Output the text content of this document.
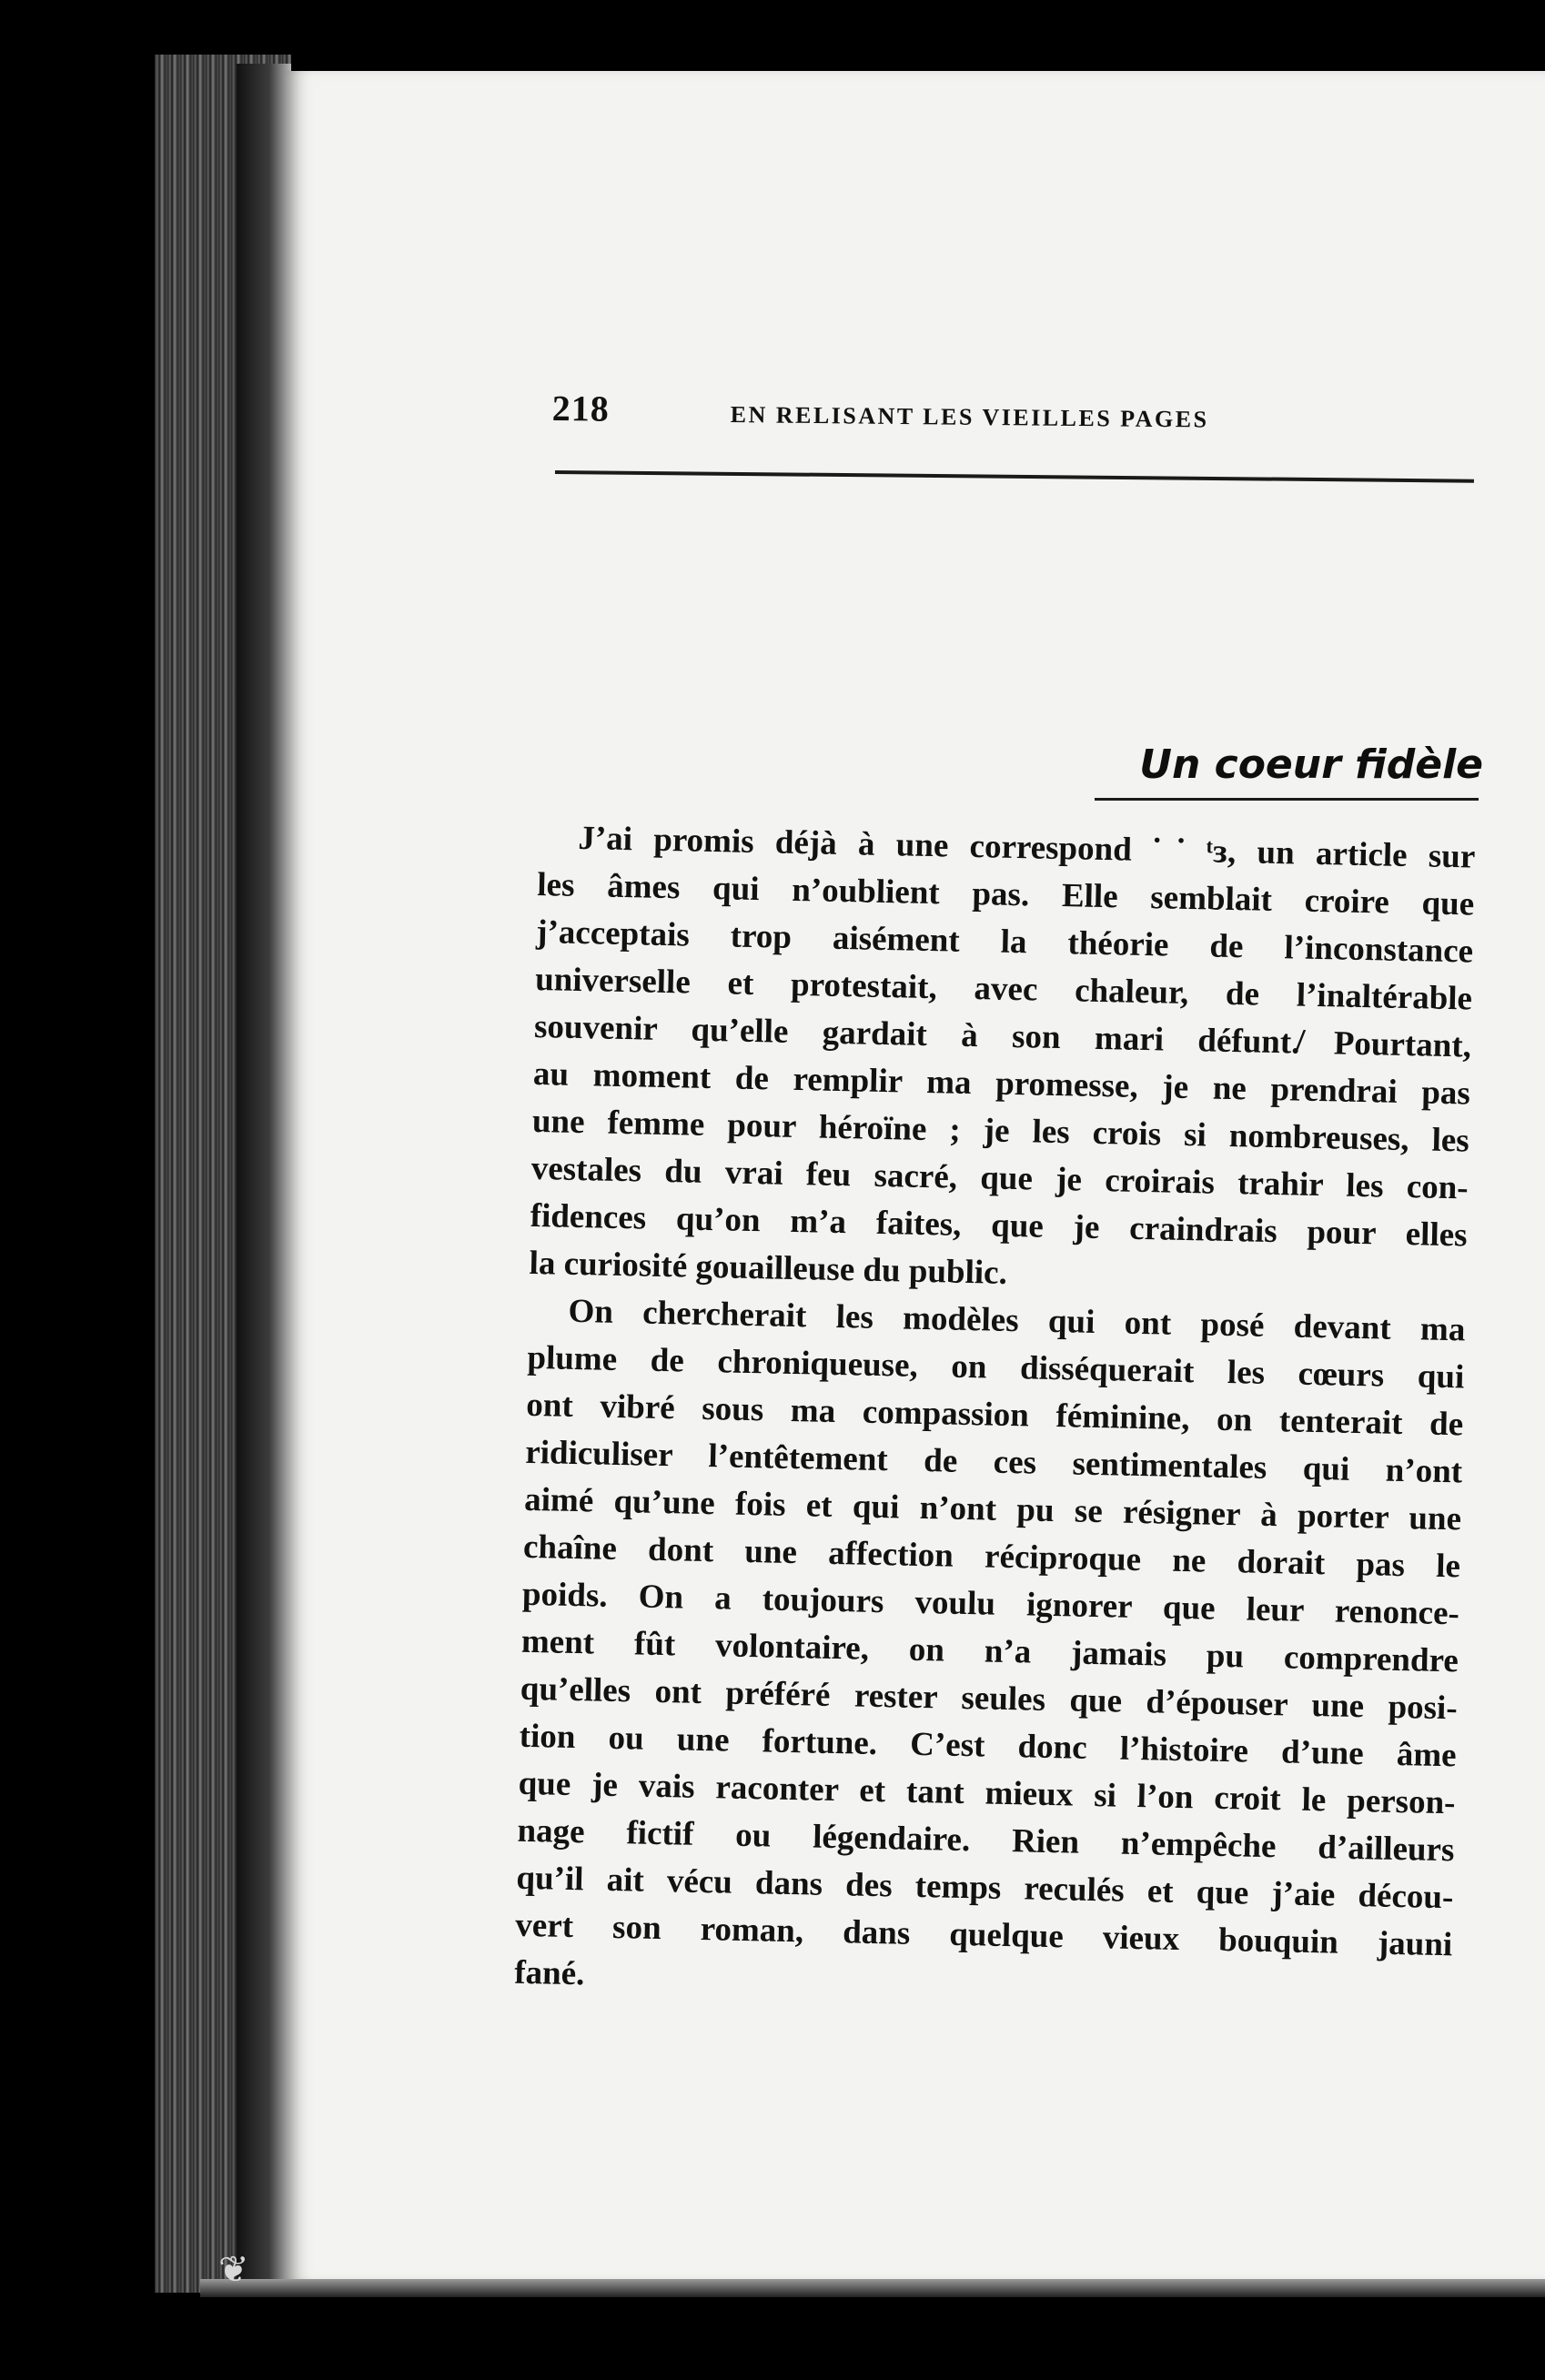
❦
218	EN RELISANT LES VIEILLES PAGES
Un coeur fidèle
J’ai promis déjà à une correspond ˙˙ ᵗɜ, un article sur
les âmes qui n’oublient pas. Elle semblait croire que
j’acceptais trop aisément la théorie de l’inconstance
universelle et protestait, avec chaleur, de l’inaltérable
souvenir qu’elle gardait à son mari défunt.̸ Pourtant,
au moment de remplir ma promesse, je ne prendrai pas
une femme pour héroïne ; je les crois si nombreuses, les
vestales du vrai feu sacré, que je croirais trahir les con-
fidences qu’on m’a faites, que je craindrais pour elles
la curiosité gouailleuse du public.
On chercherait les modèles qui ont posé devant ma
plume de chroniqueuse, on disséquerait les cœurs qui
ont vibré sous ma compassion féminine, on tenterait de
ridiculiser l’entêtement de ces sentimentales qui n’ont
aimé qu’une fois et qui n’ont pu se résigner à porter une
chaîne dont une affection réciproque ne dorait pas le
poids. On a toujours voulu ignorer que leur renonce-
ment fût volontaire, on n’a jamais pu comprendre
qu’elles ont préféré rester seules que d’épouser une posi-
tion ou une fortune. C’est donc l’histoire d’une âme
que je vais raconter et tant mieux si l’on croit le person-
nage fictif ou légendaire. Rien n’empêche d’ailleurs
qu’il ait vécu dans des temps reculés et que j’aie décou-
vert son roman, dans quelque vieux bouquin jauni
fané.
